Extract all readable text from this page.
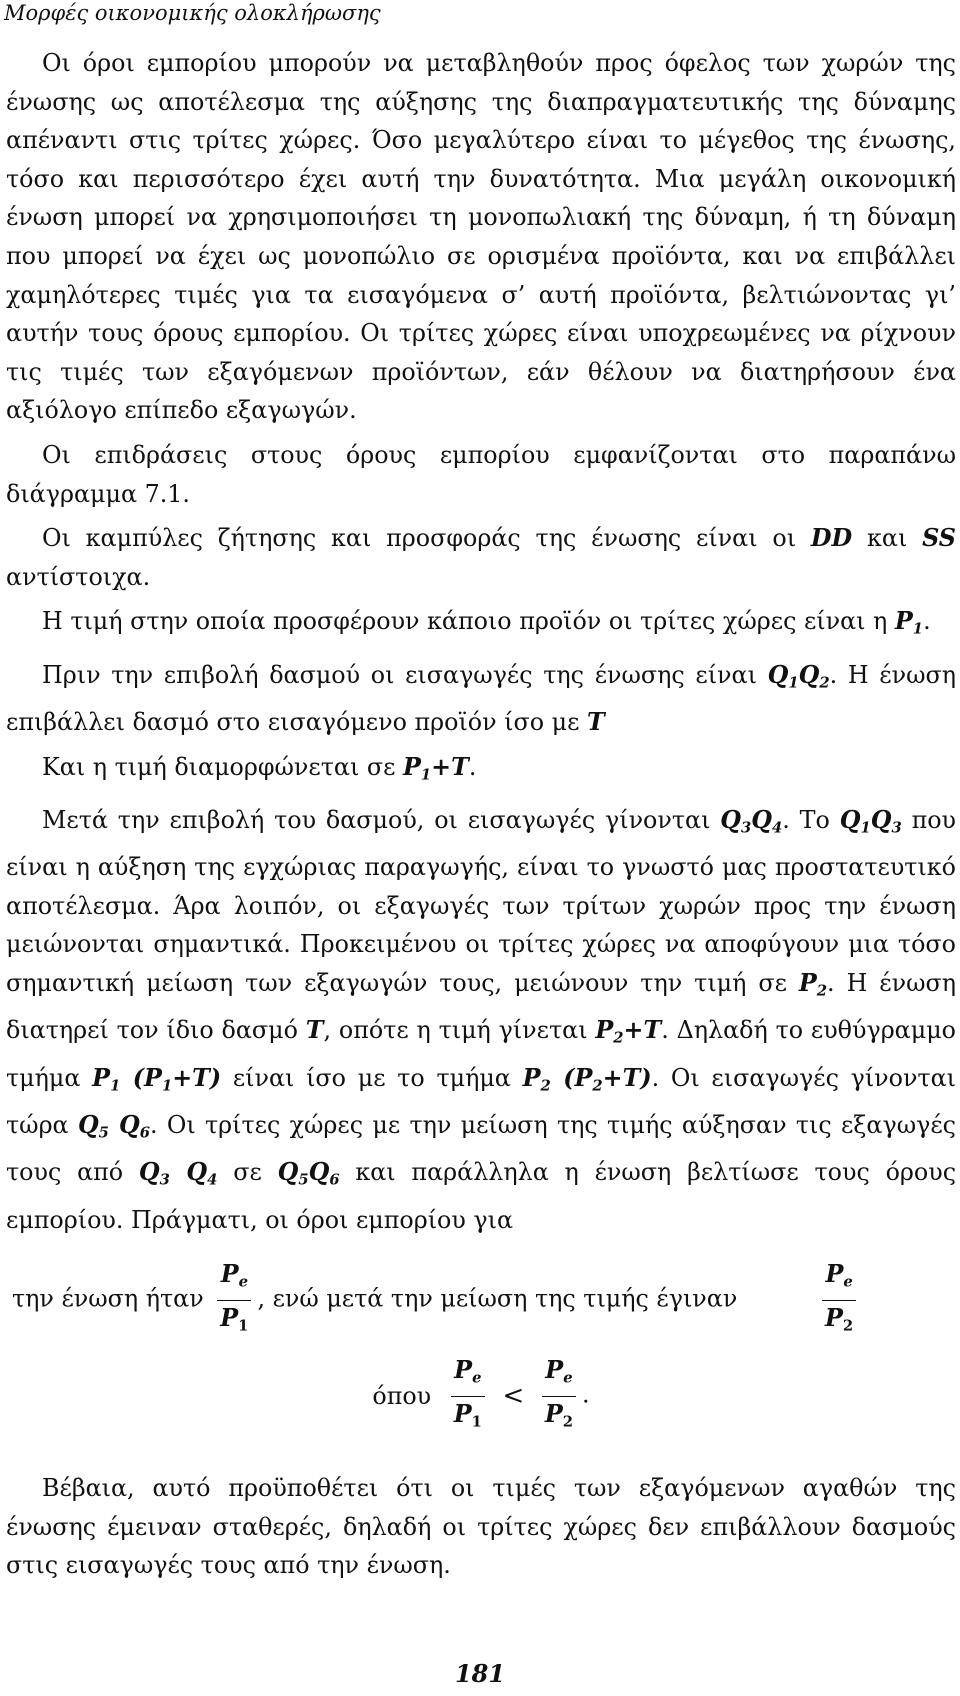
Μορφές οικονομικής ολοκλήρωσης

Οι όροι εμπορίου μπορούν να μεταβληθούν προς όφελος των χωρών της ένωσης ως αποτέλεσμα της αύξησης της διαπραγματευτικής της δύναμης απέναντι στις τρίτες χώρες. Όσο μεγαλύτερο είναι το μέγεθος της ένωσης, τόσο και περισσότερο έχει αυτή την δυνατότητα. Μια μεγάλη οικονομική ένωση μπορεί να χρησιμοποιήσει τη μονοπωλιακή της δύναμη, ή τη δύναμη που μπορεί να έχει ως μονοπώλιο σε ορισμένα προϊόντα, και να επιβάλλει χαμηλότερες τιμές για τα εισαγόμενα σ’ αυτή προϊόντα, βελτιώνοντας γι’ αυτήν τους όρους εμπορίου. Οι τρίτες χώρες είναι υποχρεωμένες να ρίχνουν τις τιμές των εξαγόμενων προϊόντων, εάν θέλουν να διατηρήσουν ένα αξιόλογο επίπεδο εξαγωγών.

Οι επιδράσεις στους όρους εμπορίου εμφανίζονται στο παραπάνω διάγραμμα 7.1.

Οι καμπύλες ζήτησης και προσφοράς της ένωσης είναι οι DD και SS αντίστοιχα.

Η τιμή στην οποία προσφέρουν κάποιο προϊόν οι τρίτες χώρες είναι η $P_1$.

Πριν την επιβολή δασμού οι εισαγωγές της ένωσης είναι $Q_1Q_2$. Η ένωση επιβάλλει δασμό στο εισαγόμενο προϊόν ίσο με T

Και η τιμή διαμορφώνεται σε $P_1+T$.

Μετά την επιβολή του δασμού, οι εισαγωγές γίνονται $Q_3Q_4$. Το $Q_1Q_3$ που είναι η αύξηση της εγχώριας παραγωγής, είναι το γνωστό μας προστατευτικό αποτέλεσμα. Άρα λοιπόν, οι εξαγωγές των τρίτων χωρών προς την ένωση μειώνονται σημαντικά. Προκειμένου οι τρίτες χώρες να αποφύγουν μια τόσο σημαντική μείωση των εξαγωγών τους, μειώνουν την τιμή σε $P_2$. Η ένωση διατηρεί τον ίδιο δασμό T, οπότε η τιμή γίνεται $P_2+T$. Δηλαδή το ευθύγραμμο τμήμα $P_1$ $(P_1+T)$ είναι ίσο με το τμήμα $P_2$ $(P_2+T)$. Οι εισαγωγές γίνονται τώρα $Q_5$ $Q_6$. Οι τρίτες χώρες με την μείωση της τιμής αύξησαν τις εξαγωγές τους από $Q_3$ $Q_4$ σε $Q_5Q_6$ και παράλληλα η ένωση βελτίωσε τους όρους εμπορίου. Πράγματι, οι όροι εμπορίου για

την ένωση ήταν $\frac{P_e}{P_1}$ , ενώ μετά την μείωση της τιμής έγιναν	$\frac{P_e}{P_2}$
όπου $\frac{P_e}{P_1} < \frac{P_e}{P_2}$ .

Βέβαια, αυτό προϋποθέτει ότι οι τιμές των εξαγόμενων αγαθών της ένωσης έμειναν σταθερές, δηλαδή οι τρίτες χώρες δεν επιβάλλουν δασμούς στις εισαγωγές τους από την ένωση.

181
